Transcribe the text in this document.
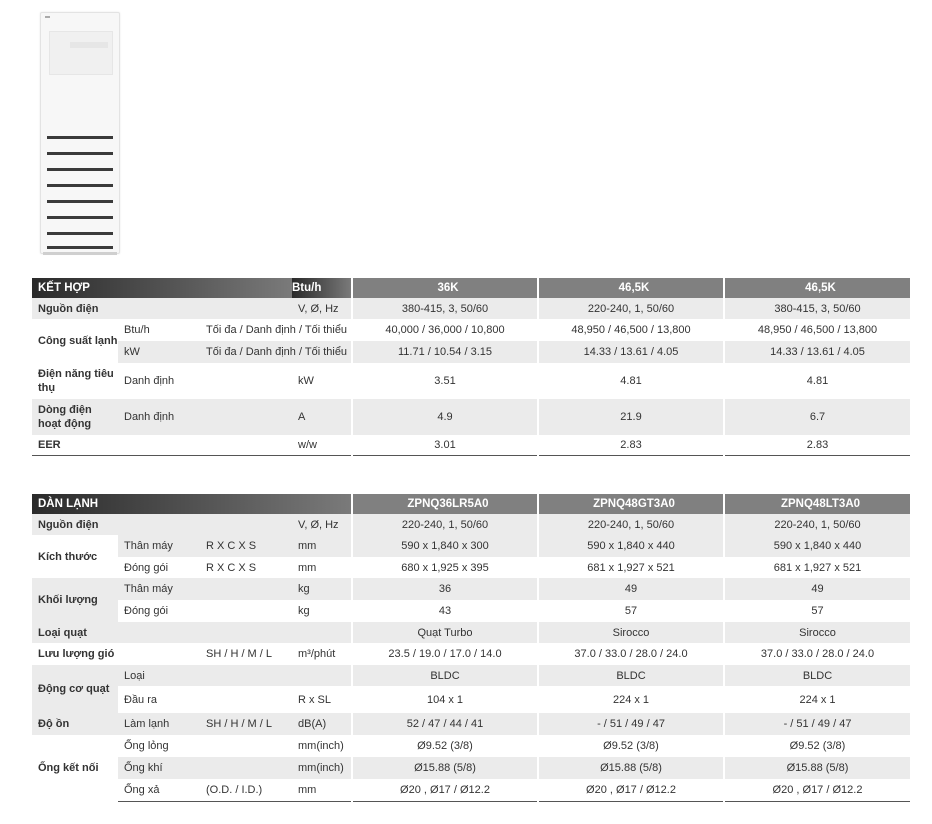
KẾT HỢP			Btu/h	36K	46,5K	46,5K
Nguồn điện			V, Ø, Hz	380-415, 3, 50/60	220-240, 1, 50/60	380-415, 3, 50/60
Công suất lạnh	Btu/h	Tối đa / Danh định / Tối thiểu		40,000 / 36,000 / 10,800	48,950 / 46,500 / 13,800	48,950 / 46,500 / 13,800
	kW	Tối đa / Danh định / Tối thiểu		11.71 / 10.54 / 3.15	14.33 / 13.61 / 4.05	14.33 / 13.61 / 4.05
Điện năng tiêu thụ	Danh định		kW	3.51	4.81	4.81
Dòng điện hoạt động	Danh định		A	4.9	21.9	6.7
EER			w/w	3.01	2.83	2.83
DÀN LẠNH				ZPNQ36LR5A0	ZPNQ48GT3A0	ZPNQ48LT3A0
Nguồn điện			V, Ø, Hz	220-240, 1, 50/60	220-240, 1, 50/60	220-240, 1, 50/60
Kích thước	Thân máy	R X C X S	mm	590 x 1,840 x 300	590 x 1,840 x 440	590 x 1,840 x 440
	Đóng gói	R X C X S	mm	680 x 1,925 x 395	681 x 1,927 x 521	681 x 1,927 x 521
Khối lượng	Thân máy		kg	36	49	49
	Đóng gói		kg	43	57	57
Loại quạt				Quạt Turbo	Sirocco	Sirocco
Lưu lượng gió		SH / H / M / L	m³/phút	23.5 / 19.0 / 17.0 / 14.0	37.0 / 33.0 / 28.0 / 24.0	37.0 / 33.0 / 28.0 / 24.0
Động cơ quạt	Loại			BLDC	BLDC	BLDC
	Đầu ra		R x SL	104 x 1	224 x 1	224 x 1
Độ ồn	Làm lạnh	SH / H / M / L	dB(A)	52 / 47 / 44 / 41	- / 51 / 49 / 47	- / 51 / 49 / 47
Ống kết nối	Ống lỏng		mm(inch)	Ø9.52 (3/8)	Ø9.52 (3/8)	Ø9.52 (3/8)
	Ống khí		mm(inch)	Ø15.88 (5/8)	Ø15.88 (5/8)	Ø15.88 (5/8)
	Ống xả	(O.D. / I.D.)	mm	Ø20 , Ø17 / Ø12.2	Ø20 , Ø17 / Ø12.2	Ø20 , Ø17 / Ø12.2
